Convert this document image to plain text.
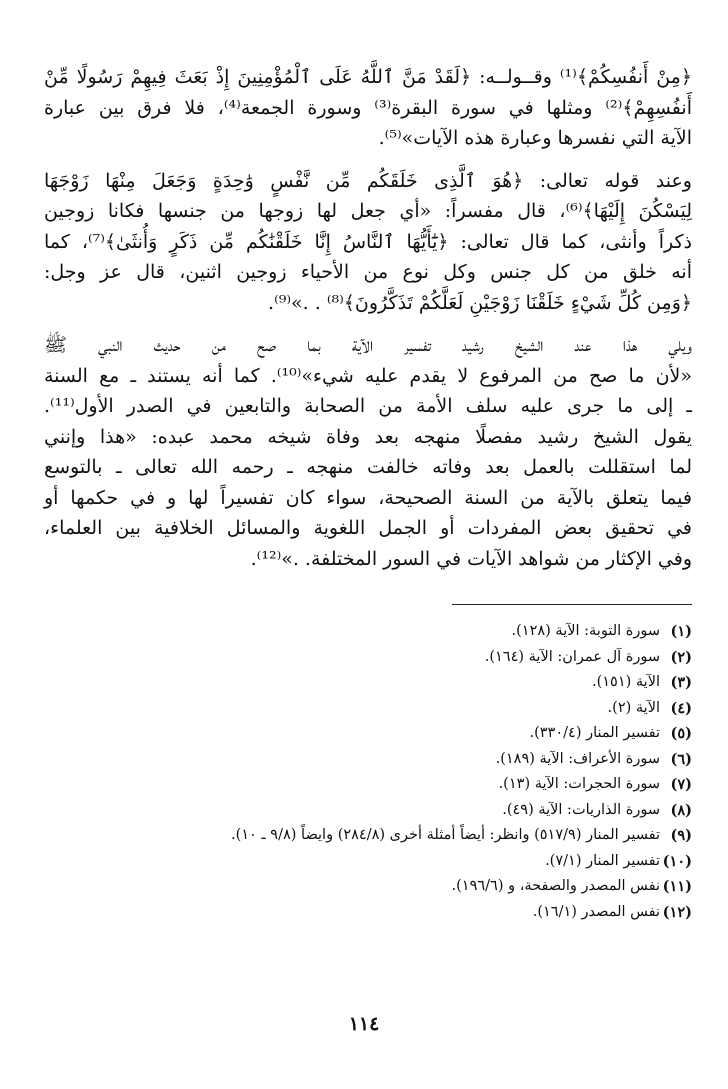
﴿مِنْ أَنفُسِكُمْ﴾⁽¹⁾ وقــولــه: ﴿لَقَدْ مَنَّ ٱللَّهُ عَلَى ٱلْمُؤْمِنِينَ إِذْ بَعَثَ فِيهِمْ رَسُولًا مِّنْ
أَنفُسِهِمْ﴾⁽²⁾ ومثلها في سورة البقرة⁽³⁾ وسورة الجمعة⁽⁴⁾، فلا فرق بين عبارة
الآية التي نفسرها وعبارة هذه الآيات»⁽⁵⁾.

وعند قوله تعالى: ﴿هُوَ ٱلَّذِى خَلَقَكُم مِّن نَّفْسٍ وَٰحِدَةٍ وَجَعَلَ مِنْهَا زَوْجَهَا
لِيَسْكُنَ إِلَيْهَا﴾⁽⁶⁾، قال مفسراً: «أي جعل لها زوجها من جنسها فكانا زوجين
ذكراً وأنثى، كما قال تعالى: ﴿يَٰٓأَيُّهَا ٱلنَّاسُ إِنَّا خَلَقْنَٰكُم مِّن ذَكَرٍ وَأُنثَىٰ﴾⁽⁷⁾، كما
أنه خلق من كل جنس وكل نوع من الأحياء زوجين اثنين، قال عز وجل:
﴿وَمِن كُلِّ شَيْءٍ خَلَقْنَا زَوْجَيْنِ لَعَلَّكُمْ تَذَكَّرُونَ﴾⁽⁸⁾ . .»⁽⁹⁾.

ويلي هذا عند الشيخ رشيد تفسير الآية بما صح من حديث النبي ﷺ
«لأن ما صح من المرفوع لا يقدم عليه شيء»⁽¹⁰⁾. كما أنه يستند ـ مع السنة
ـ إلى ما جرى عليه سلف الأمة من الصحابة والتابعين في الصدر الأول⁽¹¹⁾.
يقول الشيخ رشيد مفصلًا منهجه بعد وفاة شيخه محمد عبده: «هذا وإنني
لما استقللت بالعمل بعد وفاته خالفت منهجه ـ رحمه الله تعالى ـ بالتوسع
فيما يتعلق بالآية من السنة الصحيحة، سواء كان تفسيراً لها و في حكمها أو
في تحقيق بعض المفردات أو الجمل اللغوية والمسائل الخلافية بين العلماء،
وفي الإكثار من شواهد الآيات في السور المختلفة. .»⁽¹²⁾.

(١)
سورة التوبة: الآية (١٢٨).
(٢)
سورة آل عمران: الآية (١٦٤).
(٣)
الآية (١٥١).
(٤)
الآية (٢).
(٥)
تفسير المنار (٣٣٠/٤).
(٦)
سورة الأعراف: الآية (١٨٩).
(٧)
سورة الحجرات: الآية (١٣).
(٨)
سورة الذاريات: الآية (٤٩).
(٩)
تفسير المنار (٥١٧/٩) وانظر: أيضاً أمثلة أخرى (٢٨٤/٨) وايضاً (٩/٨ ـ ١٠).
(١٠)
تفسير المنار (٧/١).
(١١)
نفس المصدر والصفحة، و (١٩٦/٦).
(١٢)
نفس المصدر (١٦/١).
١١٤
